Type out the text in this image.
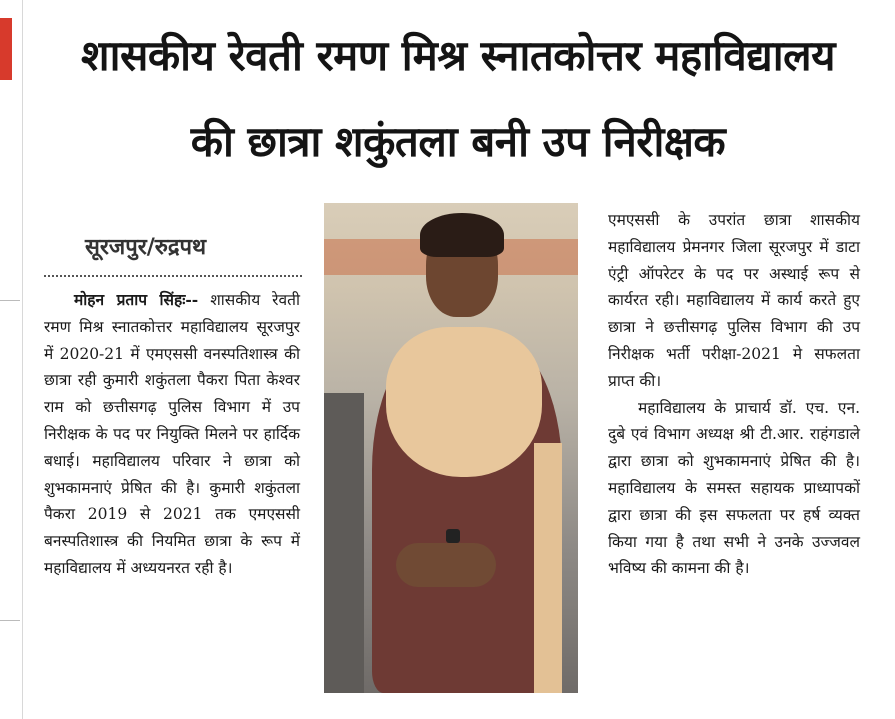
शासकीय रेवती रमण मिश्र स्नातकोत्तर महाविद्यालय
की छात्रा शकुंतला बनी उप निरीक्षक
सूरजपुर/रुद्रपथ

मोहन प्रताप सिंहः-- शासकीय रेवती रमण मिश्र स्नातकोत्तर महाविद्यालय सूरजपुर में 2020-21 में एमएससी वनस्पतिशास्त्र की छात्रा रही कुमारी शकुंतला पैकरा पिता केश्वर राम को छत्तीसगढ़ पुलिस विभाग में उप निरीक्षक के पद पर नियुक्ति मिलने पर हार्दिक बधाई। महाविद्यालय परिवार ने छात्रा को शुभकामनाएं प्रेषित की है। कुमारी शकुंतला पैकरा 2019 से 2021 तक एमएससी बनस्पतिशास्त्र की नियमित छात्रा के रूप में महाविद्यालय में अध्ययनरत रही है।

एमएससी के उपरांत छात्रा शासकीय महाविद्यालय प्रेमनगर जिला सूरजपुर में डाटा एंट्री ऑपरेटर के पद पर अस्थाई रूप से कार्यरत रही। महाविद्यालय में कार्य करते हुए छात्रा ने छत्तीसगढ़ पुलिस विभाग की उप निरीक्षक भर्ती परीक्षा-2021 मे सफलता प्राप्त की।

महाविद्यालय के प्राचार्य डॉ. एच. एन. दुबे एवं विभाग अध्यक्ष श्री टी.आर. राहंगडाले द्वारा छात्रा को शुभकामनाएं प्रेषित की है। महाविद्यालय के समस्त सहायक प्राध्यापकों द्वारा छात्रा की इस सफलता पर हर्ष व्यक्त किया गया है तथा सभी ने उनके उज्जवल भविष्य की कामना की है।
